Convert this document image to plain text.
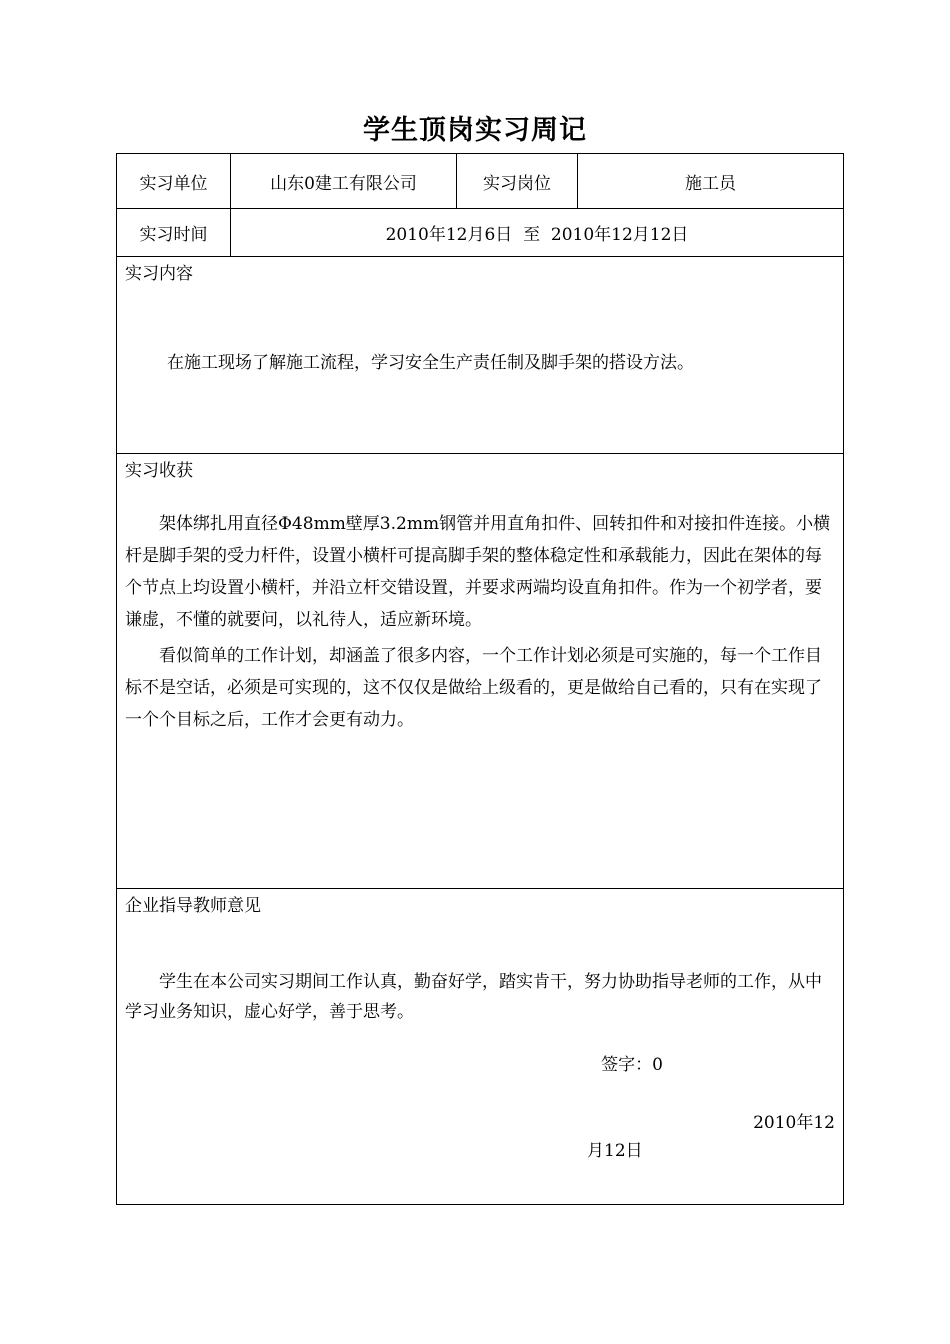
学生顶岗实习周记
实习单位	山东0建工有限公司	实习岗位	施工员
实习时间	2010年12月6日  至  2010年12月12日		

实习内容

在施工现场了解施工流程，学习安全生产责任制及脚手架的搭设方法。			

实习收获

架体绑扎用直径Φ48mm壁厚3.2mm钢管并用直角扣件、回转扣件和对接扣件连接。小横杆是脚手架的受力杆件，设置小横杆可提高脚手架的整体稳定性和承载能力，因此在架体的每个节点上均设置小横杆，并沿立杆交错设置，并要求两端均设直角扣件。作为一个初学者，要谦虚，不懂的就要问，以礼待人，适应新环境。

看似简单的工作计划，却涵盖了很多内容，一个工作计划必须是可实施的，每一个工作目标不是空话，必须是可实现的，这不仅仅是做给上级看的，更是做给自己看的，只有在实现了一个个目标之后，工作才会更有动力。			

企业指导教师意见

学生在本公司实习期间工作认真，勤奋好学，踏实肯干，努力协助指导老师的工作，从中学习业务知识，虚心好学，善于思考。

签字：0
2010年12
月12日			
